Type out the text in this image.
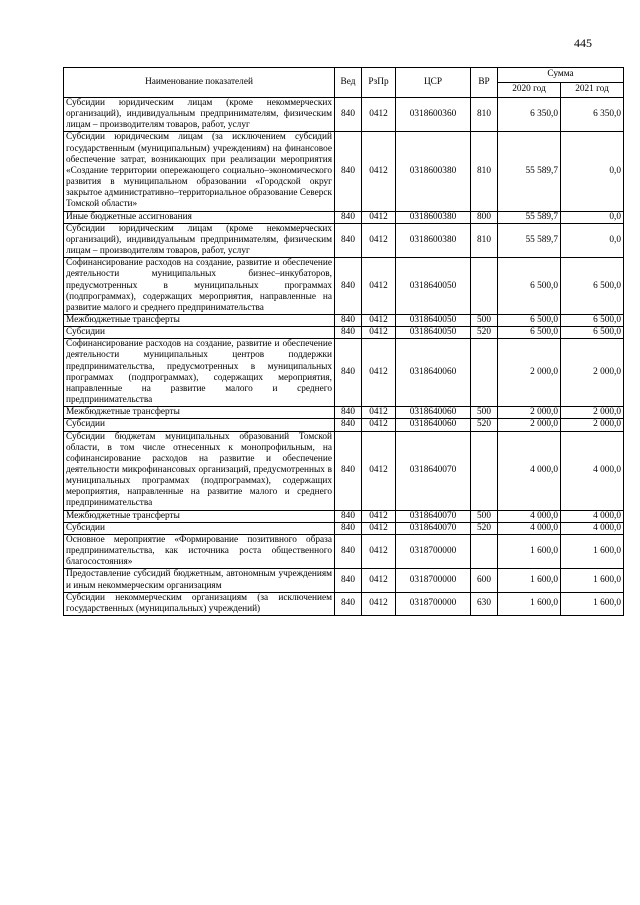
445
Наименование показателей	Вед	РзПр	ЦСР	ВР	Сумма	
					2020 год	2021 год
Субсидии юридическим лицам (кроме некоммерческих организаций), индивидуальным предпринимателям, физическим лицам – производителям товаров, работ, услуг	840	0412	0318600360	810	6 350,0	6 350,0
Субсидии юридическим лицам (за исключением субсидий государственным (муниципальным) учреждениям) на финансовое обеспечение затрат, возникающих при реализации мероприятия «Создание территории опережающего социально–экономического развития в муниципальном образовании «Городской округ закрытое административно–территориальное образование Северск Томской области»	840	0412	0318600380	810	55 589,7	0,0
Иные бюджетные ассигнования	840	0412	0318600380	800	55 589,7	0,0
Субсидии юридическим лицам (кроме некоммерческих организаций), индивидуальным предпринимателям, физическим лицам – производителям товаров, работ, услуг	840	0412	0318600380	810	55 589,7	0,0
Софинансирование расходов на создание, развитие и обеспечение деятельности муниципальных бизнес–инкубаторов, предусмотренных в муниципальных программах (подпрограммах), содержащих мероприятия, направленные на развитие малого и среднего предпринимательства	840	0412	0318640050		6 500,0	6 500,0
Межбюджетные трансферты	840	0412	0318640050	500	6 500,0	6 500,0
Субсидии	840	0412	0318640050	520	6 500,0	6 500,0
Софинансирование расходов на создание, развитие и обеспечение деятельности муниципальных центров поддержки предпринимательства, предусмотренных в муниципальных программах (подпрограммах), содержащих мероприятия, направленные на развитие малого и среднего предпринимательства	840	0412	0318640060		2 000,0	2 000,0
Межбюджетные трансферты	840	0412	0318640060	500	2 000,0	2 000,0
Субсидии	840	0412	0318640060	520	2 000,0	2 000,0
Субсидии бюджетам муниципальных образований Томской области, в том числе отнесенных к монопрофильным, на софинансирование расходов на развитие и обеспечение деятельности микрофинансовых организаций, предусмотренных в муниципальных программах (подпрограммах), содержащих мероприятия, направленные на развитие малого и среднего предпринимательства	840	0412	0318640070		4 000,0	4 000,0
Межбюджетные трансферты	840	0412	0318640070	500	4 000,0	4 000,0
Субсидии	840	0412	0318640070	520	4 000,0	4 000,0
Основное мероприятие «Формирование позитивного образа предпринимательства, как источника роста общественного благосостояния»	840	0412	0318700000		1 600,0	1 600,0
Предоставление субсидий бюджетным, автономным учреждениям и иным некоммерческим организациям	840	0412	0318700000	600	1 600,0	1 600,0
Субсидии некоммерческим организациям (за исключением государственных (муниципальных) учреждений)	840	0412	0318700000	630	1 600,0	1 600,0
